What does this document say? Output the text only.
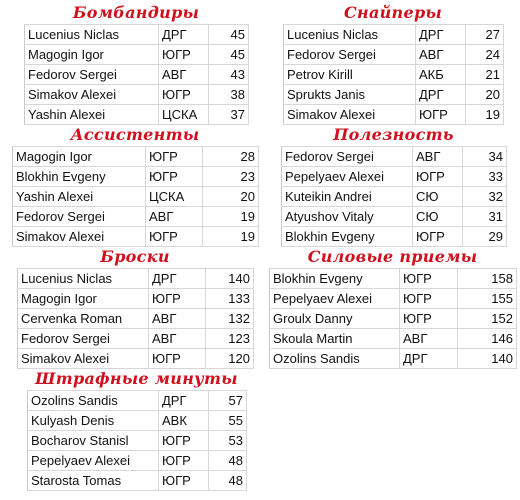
Бомбандиры
Lucenius Niclas	ДРГ	45
Magogin Igor	ЮГР	45
Fedorov Sergei	АВГ	43
Simakov Alexei	ЮГР	38
Yashin Alexei	ЦСКА	37
Снайперы
Lucenius Niclas	ДРГ	27
Fedorov Sergei	АВГ	24
Petrov Kirill	АКБ	21
Sprukts Janis	ДРГ	20
Simakov Alexei	ЮГР	19
Ассистенты
Magogin Igor	ЮГР	28
Blokhin Evgeny	ЮГР	23
Yashin Alexei	ЦСКА	20
Fedorov Sergei	АВГ	19
Simakov Alexei	ЮГР	19
Полезность
Fedorov Sergei	АВГ	34
Pepelyaev Alexei	ЮГР	33
Kuteikin Andrei	СЮ	32
Atyushov Vitaly	СЮ	31
Blokhin Evgeny	ЮГР	29
Броски
Lucenius Niclas	ДРГ	140
Magogin Igor	ЮГР	133
Cervenka Roman	АВГ	132
Fedorov Sergei	АВГ	123
Simakov Alexei	ЮГР	120
Силовые приемы
Blokhin Evgeny	ЮГР	158
Pepelyaev Alexei	ЮГР	155
Groulx Danny	ЮГР	152
Skoula Martin	АВГ	146
Ozolins Sandis	ДРГ	140
Штрафные минуты
Ozolins Sandis	ДРГ	57
Kulyash Denis	АВК	55
Bocharov Stanisl	ЮГР	53
Pepelyaev Alexei	ЮГР	48
Starosta Tomas	ЮГР	48
